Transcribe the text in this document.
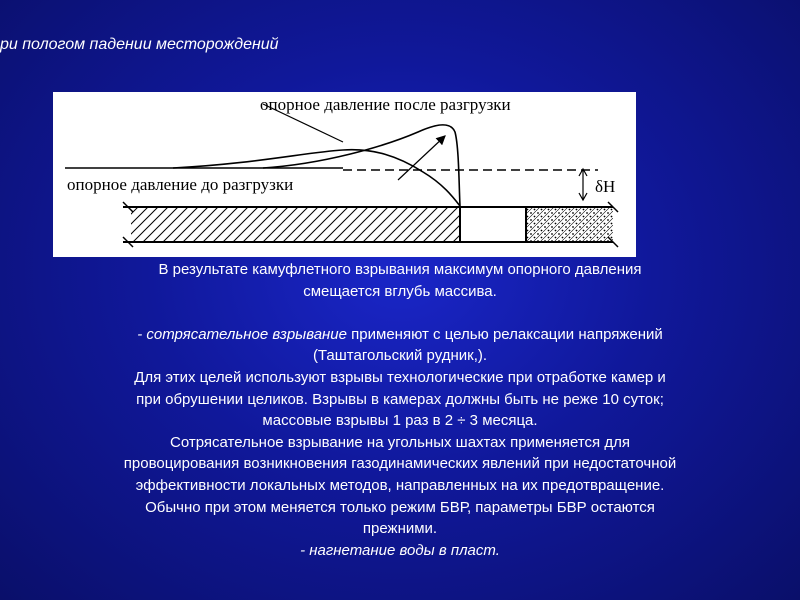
ри пологом падении месторождений
опорное давление после разгрузки
опорное давление до разгрузки	δH
В результате камуфлетного взрывания максимум опорного давления
смещается вглубь массива.
- сотрясательное взрывание применяют с целью релаксации напряжений
(Таштагольский рудник,).
Для этих целей используют взрывы технологические при отработке камер и
при обрушении целиков. Взрывы в камерах должны быть не реже 10 суток;
массовые взрывы 1 раз в 2 ÷ 3 месяца.
Сотрясательное взрывание на угольных шахтах применяется для
провоцирования возникновения газодинамических явлений при недостаточной
эффективности локальных методов, направленных на их предотвращение.
Обычно при этом меняется только режим БВР, параметры БВР остаются
прежними.
- нагнетание воды в пласт.
